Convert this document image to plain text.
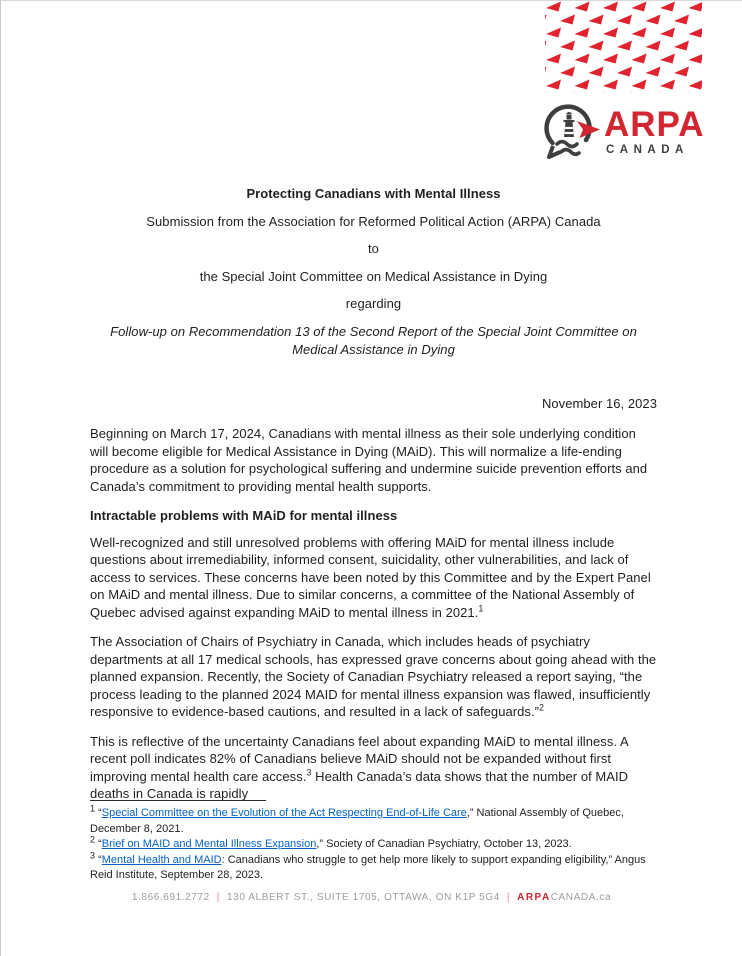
ARPA
CANADA
Protecting Canadians with Mental Illness
Submission from the Association for Reformed Political Action (ARPA) Canada
to
the Special Joint Committee on Medical Assistance in Dying
regarding
Follow-up on Recommendation 13 of the Second Report of the Special Joint Committee on Medical Assistance in Dying
November 16, 2023

Beginning on March 17, 2024, Canadians with mental illness as their sole underlying condition will become eligible for Medical Assistance in Dying (MAiD). This will normalize a life-ending procedure as a solution for psychological suffering and undermine suicide prevention efforts and Canada’s commitment to providing mental health supports.

Intractable problems with MAiD for mental illness

Well-recognized and still unresolved problems with offering MAiD for mental illness include questions about irremediability, informed consent, suicidality, other vulnerabilities, and lack of access to services. These concerns have been noted by this Committee and by the Expert Panel on MAiD and mental illness. Due to similar concerns, a committee of the National Assembly of Quebec advised against expanding MAiD to mental illness in 2021.$^1$

The Association of Chairs of Psychiatry in Canada, which includes heads of psychiatry departments at all 17 medical schools, has expressed grave concerns about going ahead with the planned expansion. Recently, the Society of Canadian Psychiatry released a report saying, “the process leading to the planned 2024 MAID for mental illness expansion was flawed, insufficiently responsive to evidence-based cautions, and resulted in a lack of safeguards.”$^2$

This is reflective of the uncertainty Canadians feel about expanding MAiD to mental illness. A recent poll indicates 82% of Canadians believe MAiD should not be expanded without first improving mental health care access.$^3$ Health Canada’s data shows that the number of MAID deaths in Canada is rapidly

$^1$ “Special Committee on the Evolution of the Act Respecting End-of-Life Care,” National Assembly of Quebec, December 8, 2021.
$^2$ “Brief on MAID and Mental Illness Expansion,” Society of Canadian Psychiatry, October 13, 2023.
$^3$ “Mental Health and MAID: Canadians who struggle to get help more likely to support expanding eligibility,” Angus Reid Institute, September 28, 2023.
1.866.691.2772 | 130 ALBERT ST., SUITE 1705, OTTAWA, ON K1P 5G4 | ARPACANADA.ca
